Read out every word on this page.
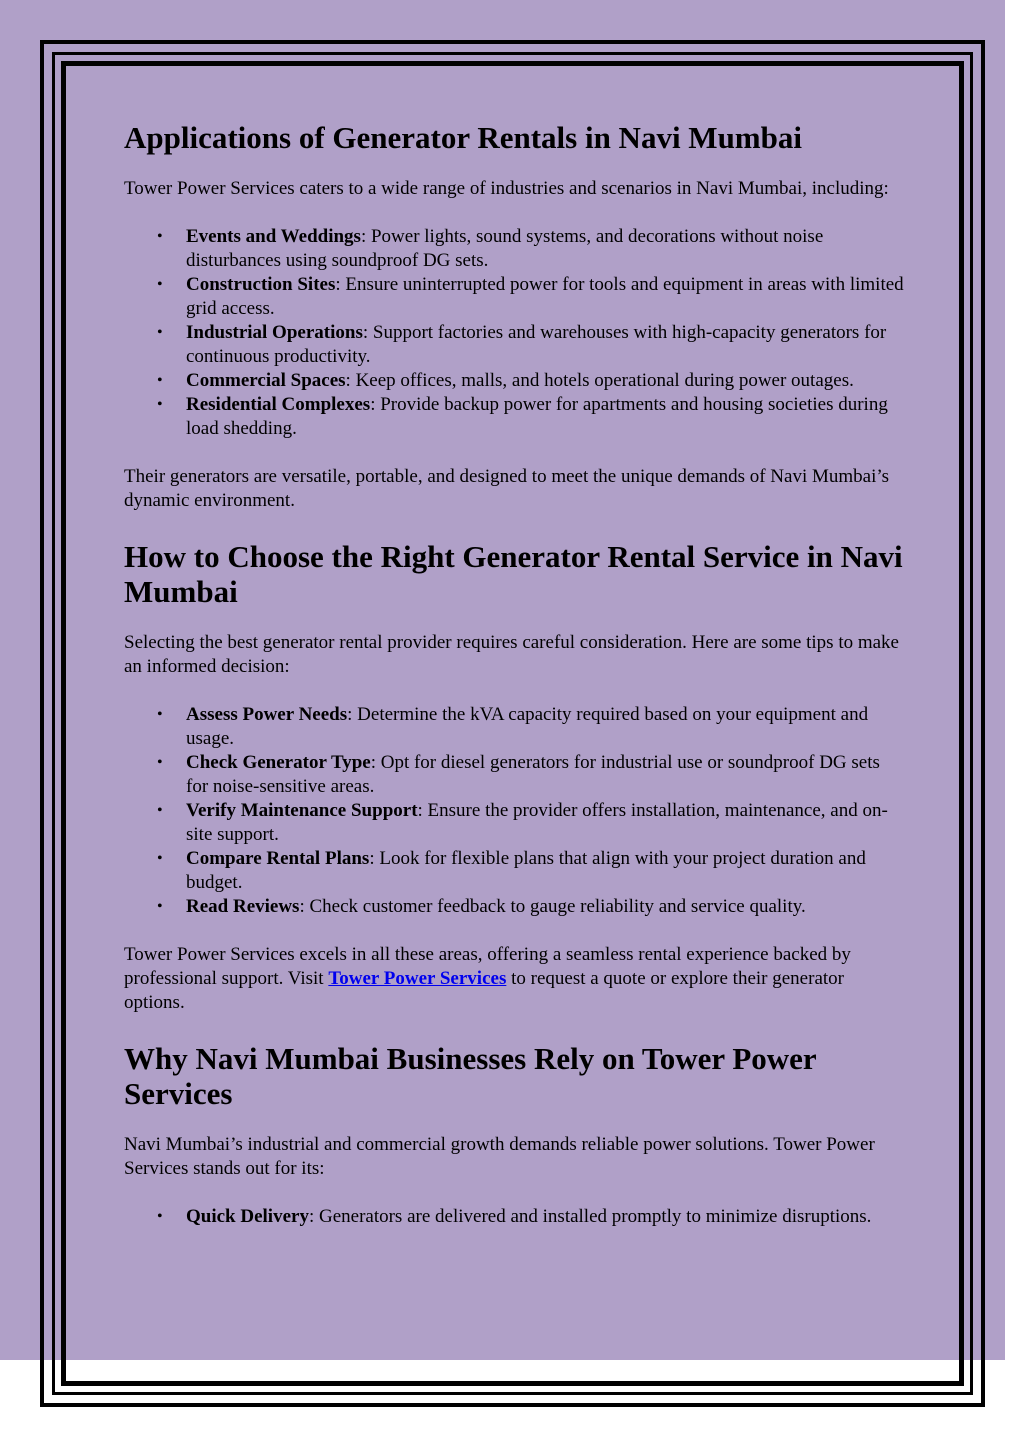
Applications of Generator Rentals in Navi Mumbai

Tower Power Services caters to a wide range of industries and scenarios in Navi Mumbai, including:

• Events and Weddings: Power lights, sound systems, and decorations without noise disturbances using soundproof DG sets.
• Construction Sites: Ensure uninterrupted power for tools and equipment in areas with limited grid access.
• Industrial Operations: Support factories and warehouses with high-capacity generators for continuous productivity.
• Commercial Spaces: Keep offices, malls, and hotels operational during power outages.
• Residential Complexes: Provide backup power for apartments and housing societies during load shedding.

Their generators are versatile, portable, and designed to meet the unique demands of Navi Mumbai’s dynamic environment.

How to Choose the Right Generator Rental Service in Navi Mumbai

Selecting the best generator rental provider requires careful consideration. Here are some tips to make an informed decision:

• Assess Power Needs: Determine the kVA capacity required based on your equipment and usage.
• Check Generator Type: Opt for diesel generators for industrial use or soundproof DG sets for noise-sensitive areas.
• Verify Maintenance Support: Ensure the provider offers installation, maintenance, and on-site support.
• Compare Rental Plans: Look for flexible plans that align with your project duration and budget.
• Read Reviews: Check customer feedback to gauge reliability and service quality.

Tower Power Services excels in all these areas, offering a seamless rental experience backed by professional support. Visit Tower Power Services to request a quote or explore their generator options.

Why Navi Mumbai Businesses Rely on Tower Power Services

Navi Mumbai’s industrial and commercial growth demands reliable power solutions. Tower Power Services stands out for its:

• Quick Delivery: Generators are delivered and installed promptly to minimize disruptions.
